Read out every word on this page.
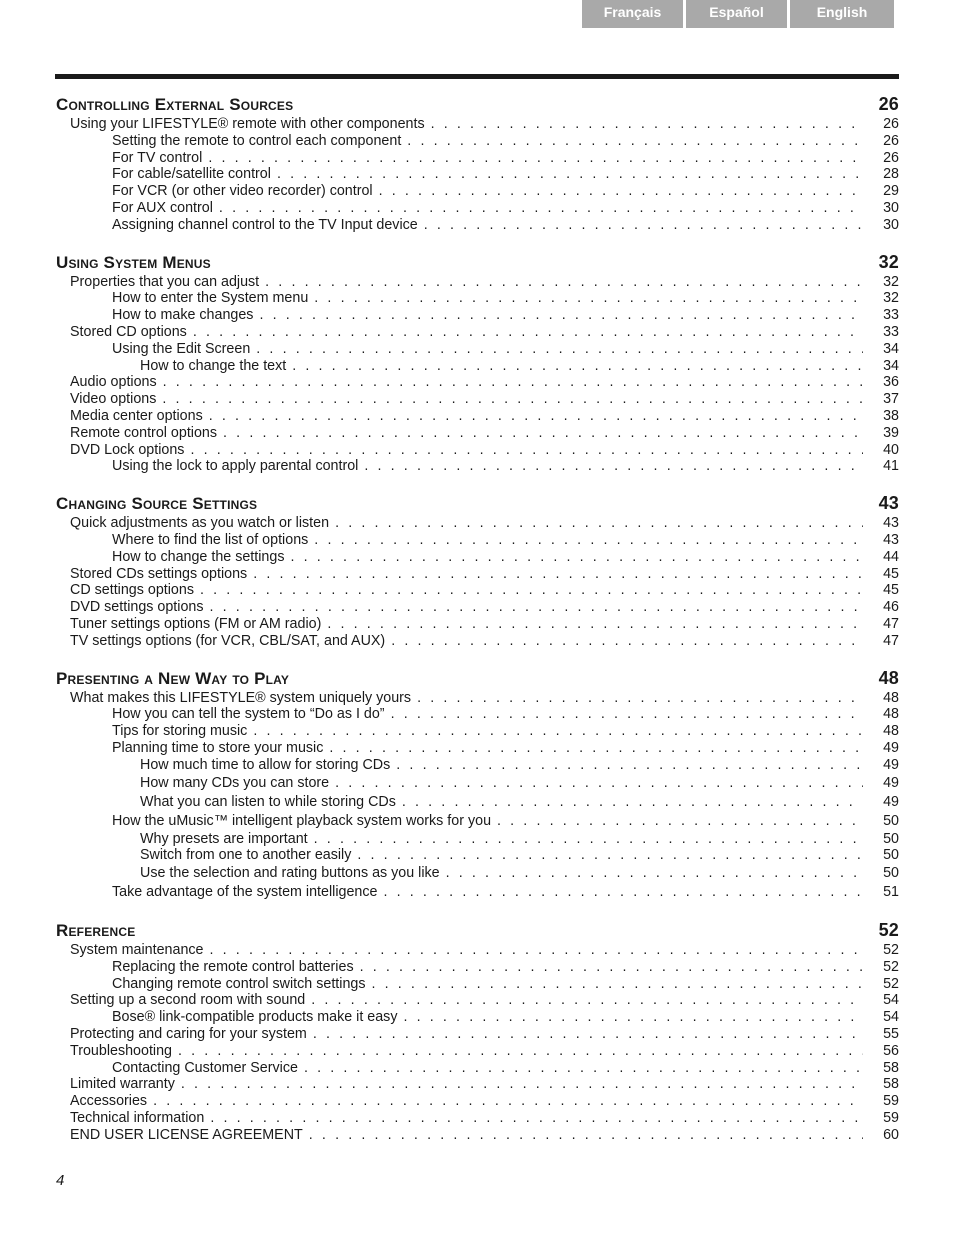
Français	Español	English
Controlling External Sources	26
Using your LIFESTYLE® remote with other components . . .	26
Setting the remote to control each component . . .	26
For TV control . . .	26
For cable/satellite control . . .	28
For VCR (or other video recorder) control . . .	29
For AUX control . . .	30
Assigning channel control to the TV Input device . . .	30
Using System Menus	32
Properties that you can adjust . . .	32
How to enter the System menu . . .	32
How to make changes . . .	33
Stored CD options . . .	33
Using the Edit Screen . . .	34
How to change the text . . .	34
Audio options . . .	36
Video options . . .	37
Media center options . . .	38
Remote control options . . .	39
DVD Lock options . . .	40
Using the lock to apply parental control . . .	41
Changing Source Settings	43
Quick adjustments as you watch or listen . . .	43
Where to find the list of options . . .	43
How to change the settings . . .	44
Stored CDs settings options . . .	45
CD settings options . . .	45
DVD settings options . . .	46
Tuner settings options (FM or AM radio) . . .	47
TV settings options (for VCR, CBL/SAT, and AUX) . . .	47
Presenting a New Way to Play	48
What makes this LIFESTYLE® system uniquely yours . . .	48
How you can tell the system to “Do as I do” . . .	48
Tips for storing music . . .	48
Planning time to store your music . . .	49
How much time to allow for storing CDs . . .	49
How many CDs you can store . . .	49
What you can listen to while storing CDs . . .	49
How the uMusic™ intelligent playback system works for you . . .	50
Why presets are important . . .	50
Switch from one to another easily . . .	50
Use the selection and rating buttons as you like . . .	50
Take advantage of the system intelligence . . .	51
Reference	52
System maintenance . . .	52
Replacing the remote control batteries . . .	52
Changing remote control switch settings . . .	52
Setting up a second room with sound . . .	54
Bose® link-compatible products make it easy . . .	54
Protecting and caring for your system . . .	55
Troubleshooting . . .	56
Contacting Customer Service . . .	58
Limited warranty . . .	58
Accessories . . .	59
Technical information . . .	59
END USER LICENSE AGREEMENT . . .	60
4
